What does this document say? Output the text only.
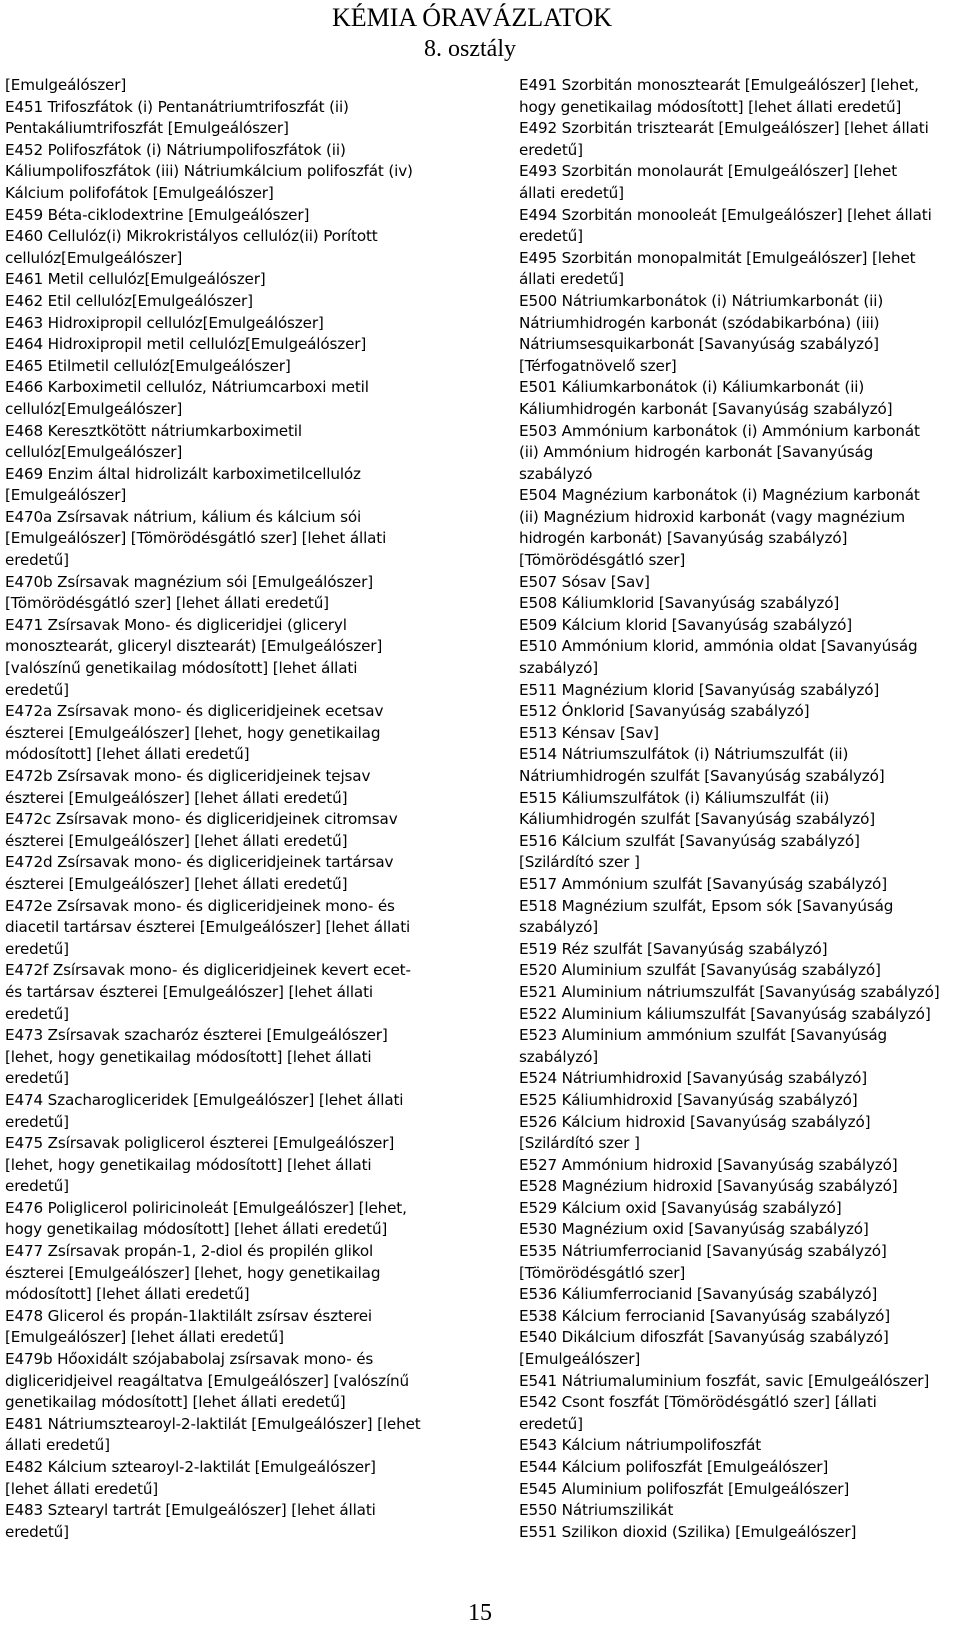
KÉMIA ÓRAVÁZLATOK
8. osztály
[Emulgeálószer]
E451 Trifoszfátok (i) Pentanátriumtrifoszfát (ii)
Pentakáliumtrifoszfát [Emulgeálószer]
E452 Polifoszfátok (i) Nátriumpolifoszfátok (ii)
Káliumpolifoszfátok (iii) Nátriumkálcium polifoszfát (iv)
Kálcium polifofátok [Emulgeálószer]
E459 Béta-ciklodextrine [Emulgeálószer]
E460 Cellulóz(i) Mikrokristályos cellulóz(ii) Porított
cellulóz[Emulgeálószer]
E461 Metil cellulóz[Emulgeálószer]
E462 Etil cellulóz[Emulgeálószer]
E463 Hidroxipropil cellulóz[Emulgeálószer]
E464 Hidroxipropil metil cellulóz[Emulgeálószer]
E465 Etilmetil cellulóz[Emulgeálószer]
E466 Karboximetil cellulóz, Nátriumcarboxi metil
cellulóz[Emulgeálószer]
E468 Keresztkötött nátriumkarboximetil
cellulóz[Emulgeálószer]
E469 Enzim által hidrolizált karboximetilcellulóz
[Emulgeálószer]
E470a Zsírsavak nátrium, kálium és kálcium sói
[Emulgeálószer] [Tömörödésgátló szer] [lehet állati
eredetű]
E470b Zsírsavak magnézium sói [Emulgeálószer]
[Tömörödésgátló szer] [lehet állati eredetű]
E471 Zsírsavak Mono- és digliceridjei (gliceryl
monosztearát, gliceryl disztearát) [Emulgeálószer]
[valószínű genetikailag módosított] [lehet állati
eredetű]
E472a Zsírsavak mono- és digliceridjeinek ecetsav
észterei [Emulgeálószer] [lehet, hogy genetikailag
módosított] [lehet állati eredetű]
E472b Zsírsavak mono- és digliceridjeinek tejsav
észterei [Emulgeálószer] [lehet állati eredetű]
E472c Zsírsavak mono- és digliceridjeinek citromsav
észterei [Emulgeálószer] [lehet állati eredetű]
E472d Zsírsavak mono- és digliceridjeinek tartársav
észterei [Emulgeálószer] [lehet állati eredetű]
E472e Zsírsavak mono- és digliceridjeinek mono- és
diacetil tartársav észterei [Emulgeálószer] [lehet állati
eredetű]
E472f Zsírsavak mono- és digliceridjeinek kevert ecet-
és tartársav észterei [Emulgeálószer] [lehet állati
eredetű]
E473 Zsírsavak szacharóz észterei [Emulgeálószer]
[lehet, hogy genetikailag módosított] [lehet állati
eredetű]
E474 Szacharogliceridek [Emulgeálószer] [lehet állati
eredetű]
E475 Zsírsavak poliglicerol észterei [Emulgeálószer]
[lehet, hogy genetikailag módosított] [lehet állati
eredetű]
E476 Poliglicerol poliricinoleát [Emulgeálószer] [lehet,
hogy genetikailag módosított] [lehet állati eredetű]
E477 Zsírsavak propán-1, 2-diol és propilén glikol
észterei [Emulgeálószer] [lehet, hogy genetikailag
módosított] [lehet állati eredetű]
E478 Glicerol és propán-1laktilált zsírsav észterei
[Emulgeálószer] [lehet állati eredetű]
E479b Hőoxidált szójababolaj zsírsavak mono- és
digliceridjeivel reagáltatva [Emulgeálószer] [valószínű
genetikailag módosított] [lehet állati eredetű]
E481 Nátriumsztearoyl-2-laktilát [Emulgeálószer] [lehet
állati eredetű]
E482 Kálcium sztearoyl-2-laktilát [Emulgeálószer]
[lehet állati eredetű]
E483 Sztearyl tartrát [Emulgeálószer] [lehet állati
eredetű]
E491 Szorbitán monosztearát [Emulgeálószer] [lehet,
hogy genetikailag módosított] [lehet állati eredetű]
E492 Szorbitán trisztearát [Emulgeálószer] [lehet állati
eredetű]
E493 Szorbitán monolaurát [Emulgeálószer] [lehet
állati eredetű]
E494 Szorbitán monooleát [Emulgeálószer] [lehet állati
eredetű]
E495 Szorbitán monopalmitát [Emulgeálószer] [lehet
állati eredetű]
E500 Nátriumkarbonátok (i) Nátriumkarbonát (ii)
Nátriumhidrogén karbonát (szódabikarbóna) (iii)
Nátriumsesquikarbonát [Savanyúság szabályzó]
[Térfogatnövelő szer]
E501 Káliumkarbonátok (i) Káliumkarbonát (ii)
Káliumhidrogén karbonát [Savanyúság szabályzó]
E503 Ammónium karbonátok (i) Ammónium karbonát
(ii) Ammónium hidrogén karbonát [Savanyúság
szabályzó
E504 Magnézium karbonátok (i) Magnézium karbonát
(ii) Magnézium hidroxid karbonát (vagy magnézium
hidrogén karbonát) [Savanyúság szabályzó]
[Tömörödésgátló szer]
E507 Sósav [Sav]
E508 Káliumklorid [Savanyúság szabályzó]
E509 Kálcium klorid [Savanyúság szabályzó]
E510 Ammónium klorid, ammónia oldat [Savanyúság
szabályzó]
E511 Magnézium klorid [Savanyúság szabályzó]
E512 Ónklorid [Savanyúság szabályzó]
E513 Kénsav [Sav]
E514 Nátriumszulfátok (i) Nátriumszulfát (ii)
Nátriumhidrogén szulfát [Savanyúság szabályzó]
E515 Káliumszulfátok (i) Káliumszulfát (ii)
Káliumhidrogén szulfát [Savanyúság szabályzó]
E516 Kálcium szulfát [Savanyúság szabályzó]
[Szilárdító szer ]
E517 Ammónium szulfát [Savanyúság szabályzó]
E518 Magnézium szulfát, Epsom sók [Savanyúság
szabályzó]
E519 Réz szulfát [Savanyúság szabályzó]
E520 Aluminium szulfát [Savanyúság szabályzó]
E521 Aluminium nátriumszulfát [Savanyúság szabályzó]
E522 Aluminium káliumszulfát [Savanyúság szabályzó]
E523 Aluminium ammónium szulfát [Savanyúság
szabályzó]
E524 Nátriumhidroxid [Savanyúság szabályzó]
E525 Káliumhidroxid [Savanyúság szabályzó]
E526 Kálcium hidroxid [Savanyúság szabályzó]
[Szilárdító szer ]
E527 Ammónium hidroxid [Savanyúság szabályzó]
E528 Magnézium hidroxid [Savanyúság szabályzó]
E529 Kálcium oxid [Savanyúság szabályzó]
E530 Magnézium oxid [Savanyúság szabályzó]
E535 Nátriumferrocianid [Savanyúság szabályzó]
[Tömörödésgátló szer]
E536 Káliumferrocianid [Savanyúság szabályzó]
E538 Kálcium ferrocianid [Savanyúság szabályzó]
E540 Dikálcium difoszfát [Savanyúság szabályzó]
[Emulgeálószer]
E541 Nátriumaluminium foszfát, savic [Emulgeálószer]
E542 Csont foszfát [Tömörödésgátló szer] [állati
eredetű]
E543 Kálcium nátriumpolifoszfát
E544 Kálcium polifoszfát [Emulgeálószer]
E545 Aluminium polifoszfát [Emulgeálószer]
E550 Nátriumszilikát
E551 Szilikon dioxid (Szilika) [Emulgeálószer]
15
